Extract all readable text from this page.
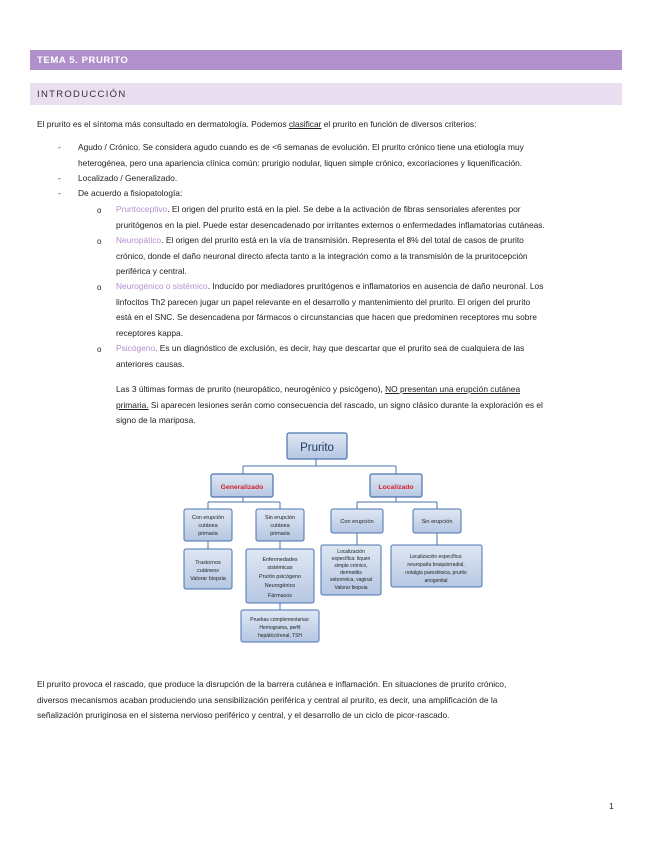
TEMA 5. PRURITO
INTRODUCCIÓN
El prurito es el síntoma más consultado en dermatología. Podemos clasificar el prurito en función de diversos criterios:
- Agudo / Crónico. Se considera agudo cuando es de <6 semanas de evolución. El prurito crónico tiene una etiología muy
heterogénea, pero una apariencia clínica común: prurigio nodular, liquen simple crónico, excoriaciones y liquenificación.
- Localizado / Generalizado.
- De acuerdo a fisiopatología:
o Pruritoceptivo. El origen del prurito está en la piel. Se debe a la activación de fibras sensoriales aferentes por
pruritógenos en la piel. Puede estar desencadenado por irritantes externos o enfermedades inflamatorias cutáneas.
o Neuropático. El origen del prurito está en la vía de transmisión. Representa el 8% del total de casos de prurito
crónico, donde el daño neuronal directo afecta tanto a la integración como a la transmisión de la pruritocepción
periférica y central.
o Neurogénico o sistémico. Inducido por mediadores pruritógenos e inflamatorios en ausencia de daño neuronal. Los
linfocitos Th2 parecen jugar un papel relevante en el desarrollo y mantenimiento del prurito. El origen del prurito
está en el SNC. Se desencadena por fármacos o circunstancias que hacen que predominen receptores mu sobre
receptores kappa.
o Psicógeno. Es un diagnóstico de exclusión, es decir, hay que descartar que el prurito sea de cualquiera de las
anteriores causas.
Las 3 últimas formas de prurito (neuropático, neurogénico y psicógeno), NO presentan una erupción cutánea
primaria. Si aparecen lesiones serán como consecuencia del rascado, un signo clásico durante la exploración es el
signo de la mariposa.
Prurito
Generalizado	Localizado
Con erupción
cutánea
primaria
Sin erupción
cutánea
primaria
Con erupción	Sin erupción
Trastornos
cutáneos
Valorar biopsia
Enfermedades
sistémicas
Prurito psicógeno
Neurogénico
Fármacos
Localización
específica: liquen
simple crónico,
dermatitis
seborreica, vaginal
Valorar biopsia
Localización específica:
neuropatía braquiorradial,
notalgia parestésica, prurito
anogenital
Pruebas complementarias:
Hemograma, perfil
hepático/renal, TSH
El prurito provoca el rascado, que produce la disrupción de la barrera cutánea e inflamación. En situaciones de prurito crónico,
diversos mecanismos acaban produciendo una sensibilización periférica y central al prurito, es decir, una amplificación de la
señalización pruriginosa en el sistema nervioso periférico y central, y el desarrollo de un ciclo de picor-rascado.
1
